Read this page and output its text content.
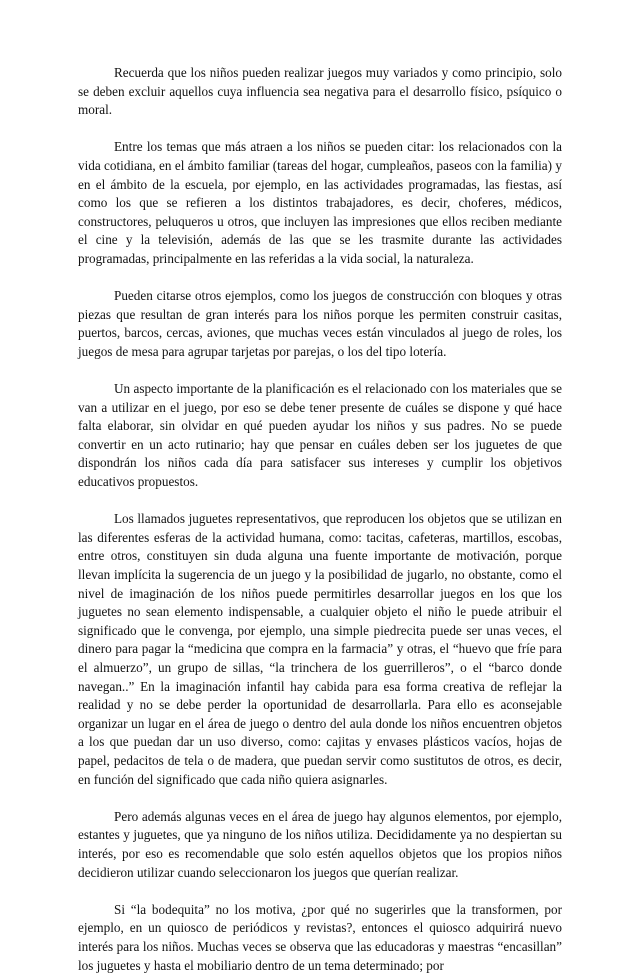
Recuerda que los niños pueden realizar juegos muy variados y como principio, solo se deben excluir aquellos cuya influencia sea negativa para el desarrollo físico, psíquico o moral.

Entre los temas que más atraen a los niños se pueden citar: los relacionados con la vida cotidiana, en el ámbito familiar (tareas del hogar, cumpleaños, paseos con la familia) y en el ámbito de la escuela, por ejemplo, en las actividades programadas, las fiestas, así como los que se refieren a los distintos trabajadores, es decir, choferes, médicos, constructores, peluqueros u otros, que incluyen las impresiones que ellos reciben mediante el cine y la televisión, además de las que se les trasmite durante las actividades programadas, principalmente en las referidas a la vida social, la naturaleza.

Pueden citarse otros ejemplos, como los juegos de construcción con bloques y otras piezas que resultan de gran interés para los niños porque les permiten construir casitas, puertos, barcos, cercas, aviones, que muchas veces están vinculados al juego de roles, los juegos de mesa para agrupar tarjetas por parejas, o los del tipo lotería.

Un aspecto importante de la planificación es el relacionado con los materiales que se van a utilizar en el juego, por eso se debe tener presente de cuáles se dispone y qué hace falta elaborar, sin olvidar en qué pueden ayudar los niños y sus padres. No se puede convertir en un acto rutinario; hay que pensar en cuáles deben ser los juguetes de que dispondrán los niños cada día para satisfacer sus intereses y cumplir los objetivos educativos propuestos.

Los llamados juguetes representativos, que reproducen los objetos que se utilizan en las diferentes esferas de la actividad humana, como: tacitas, cafeteras, martillos, escobas, entre otros, constituyen sin duda alguna una fuente importante de motivación, porque llevan implícita la sugerencia de un juego y la posibilidad de jugarlo, no obstante, como el nivel de imaginación de los niños puede permitirles desarrollar juegos en los que los juguetes no sean elemento indispensable, a cualquier objeto el niño le puede atribuir el significado que le convenga, por ejemplo, una simple piedrecita puede ser unas veces, el dinero para pagar la “medicina que compra en la farmacia” y otras, el “huevo que fríe para el almuerzo”, un grupo de sillas, “la trinchera de los guerrilleros”, o el “barco donde navegan..” En la imaginación infantil hay cabida para esa forma creativa de reflejar la realidad y no se debe perder la oportunidad de desarrollarla. Para ello es aconsejable organizar un lugar en el área de juego o dentro del aula donde los niños encuentren objetos a los que puedan dar un uso diverso, como: cajitas y envases plásticos vacíos, hojas de papel, pedacitos de tela o de madera, que puedan servir como sustitutos de otros, es decir, en función del significado que cada niño quiera asignarles.

Pero además algunas veces en el área de juego hay algunos elementos, por ejemplo, estantes y juguetes, que ya ninguno de los niños utiliza. Decididamente ya no despiertan su interés, por eso es recomendable que solo estén aquellos objetos que los propios niños decidieron utilizar cuando seleccionaron los juegos que querían realizar.

Si “la bodequita” no los motiva, ¿por qué no sugerirles que la transformen, por ejemplo, en un quiosco de periódicos y revistas?, entonces el quiosco adquirirá nuevo interés para los niños. Muchas veces se observa que las educadoras y maestras “encasillan” los juguetes y hasta el mobiliario dentro de un tema determinado; por
